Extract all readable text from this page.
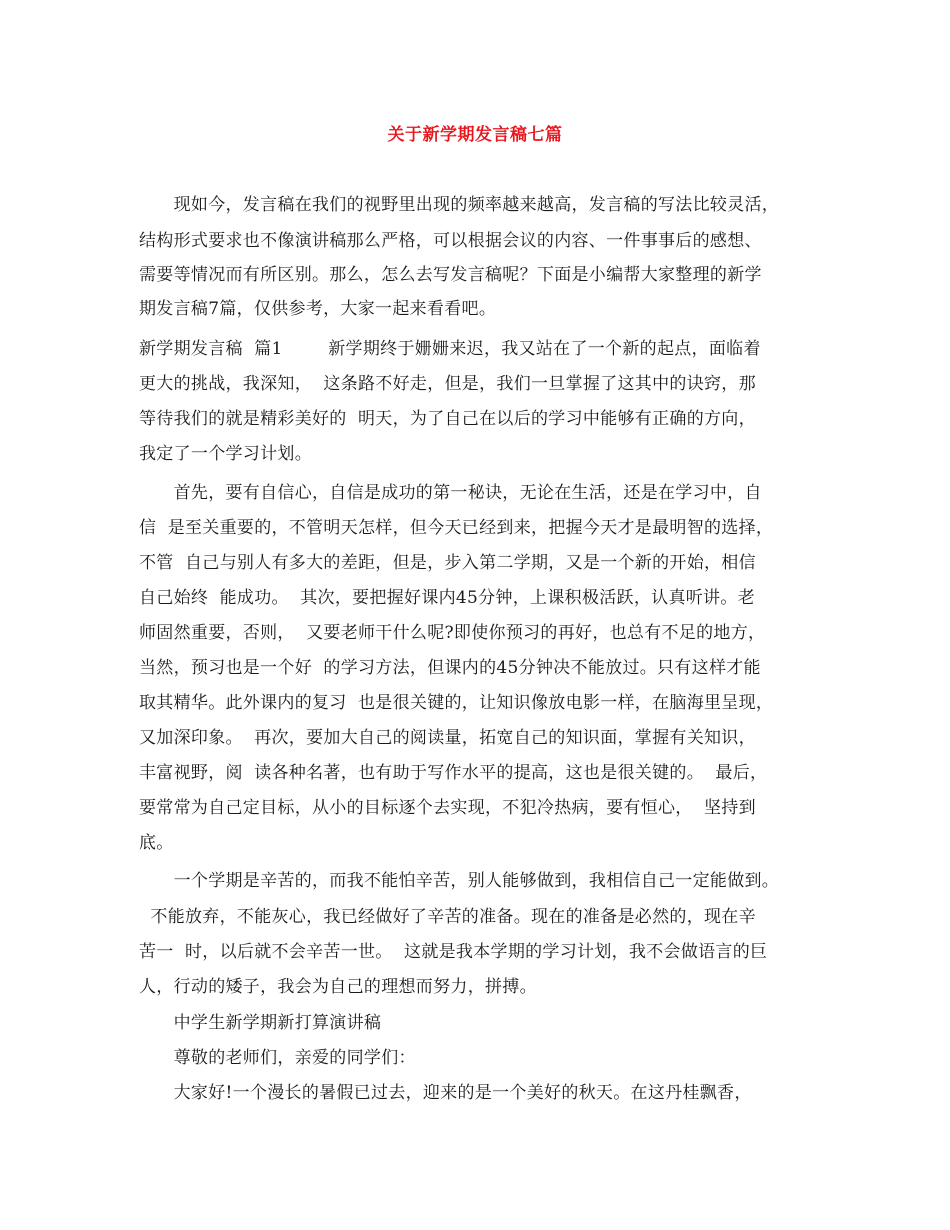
关于新学期发言稿七篇
　　现如今，发言稿在我们的视野里出现的频率越来越高，发言稿的写法比较灵活，
结构形式要求也不像演讲稿那么严格，可以根据会议的内容、一件事事后的感想、
需要等情况而有所区别。那么，怎么去写发言稿呢？下面是小编帮大家整理的新学
期发言稿7篇，仅供参考，大家一起来看看吧。
新学期发言稿  篇1        新学期终于姗姗来迟，我又站在了一个新的起点，面临着
更大的挑战，我深知，  这条路不好走，但是，我们一旦掌握了这其中的诀窍，那
等待我们的就是精彩美好的  明天，为了自己在以后的学习中能够有正确的方向，
我定了一个学习计划。
　　首先，要有自信心，自信是成功的第一秘诀，无论在生活，还是在学习中，自
信  是至关重要的，不管明天怎样，但今天已经到来，把握今天才是最明智的选择，
不管  自己与别人有多大的差距，但是，步入第二学期，又是一个新的开始，相信
自己始终  能成功。  其次，要把握好课内45分钟，上课积极活跃，认真听讲。老
师固然重要，否则，  又要老师干什么呢?即使你预习的再好，也总有不足的地方，
当然，预习也是一个好  的学习方法，但课内的45分钟决不能放过。只有这样才能
取其精华。此外课内的复习  也是很关键的，让知识像放电影一样，在脑海里呈现，
又加深印象。  再次，要加大自己的阅读量，拓宽自己的知识面，掌握有关知识，
丰富视野，阅  读各种名著，也有助于写作水平的提高，这也是很关键的。  最后，
要常常为自己定目标，从小的目标逐个去实现，不犯冷热病，要有恒心，  坚持到
底。
　　一个学期是辛苦的，而我不能怕辛苦，别人能够做到，我相信自己一定能做到。
不能放弃，不能灰心，我已经做好了辛苦的准备。现在的准备是必然的，现在辛
苦一  时，以后就不会辛苦一世。  这就是我本学期的学习计划，我不会做语言的巨
人，行动的矮子，我会为自己的理想而努力，拼搏。
　　中学生新学期新打算演讲稿
　　尊敬的老师们，亲爱的同学们：
　　大家好!一个漫长的暑假已过去，迎来的是一个美好的秋天。在这丹桂飘香，
